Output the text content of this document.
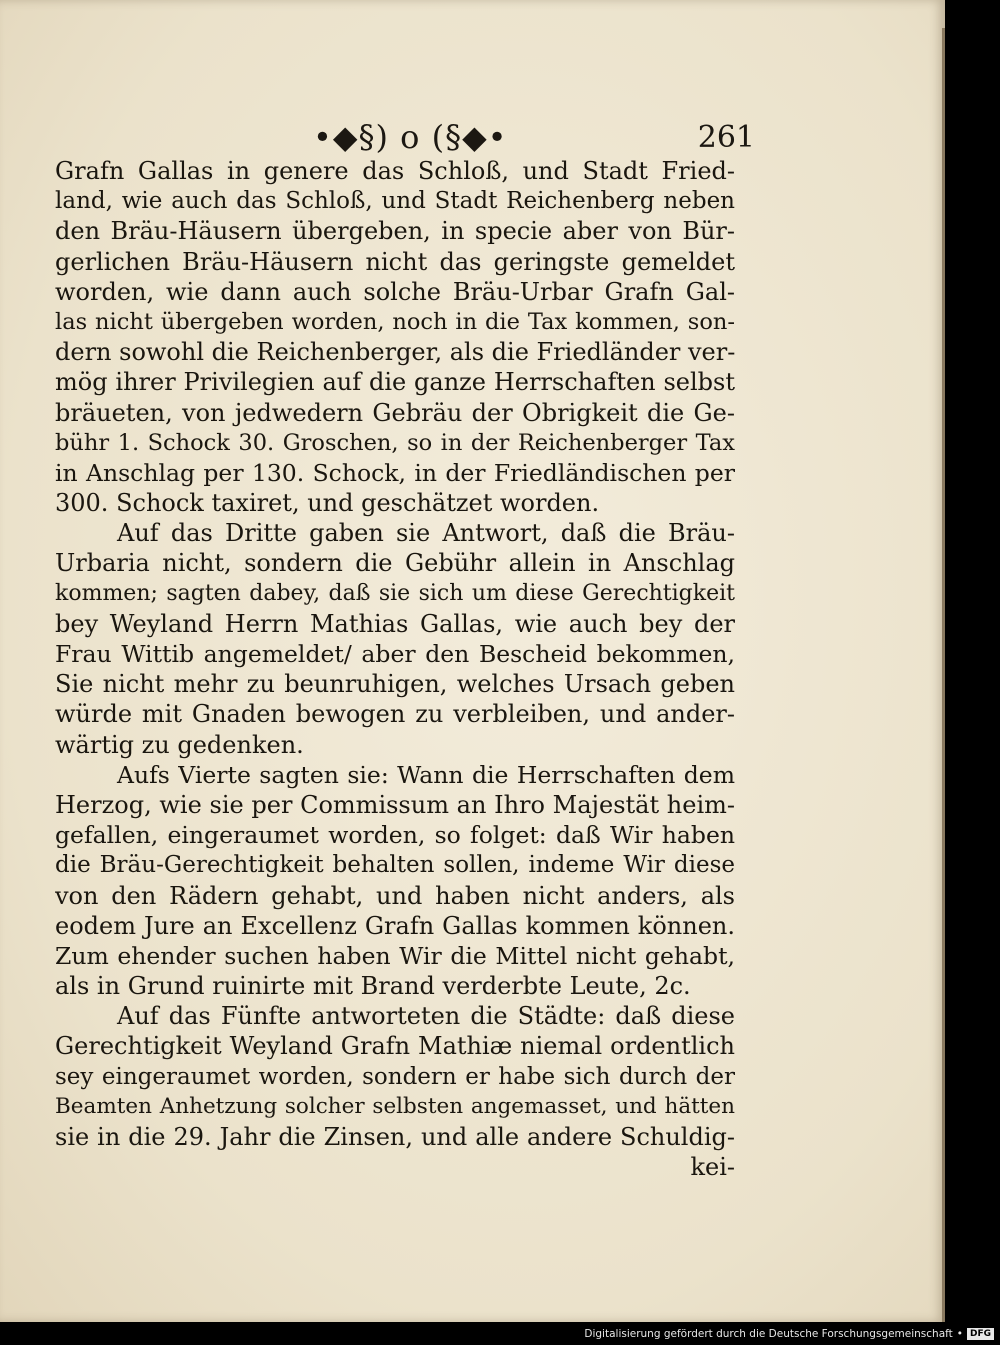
•◆§) o (§◆•	261
Grafn Gallas in genere das Schloß, und Stadt Fried-
land, wie auch das Schloß, und Stadt Reichenberg neben
den Bräu-Häusern übergeben, in specie aber von Bür-
gerlichen Bräu-Häusern nicht das geringste gemeldet
worden, wie dann auch solche Bräu-Urbar Grafn Gal-
las nicht übergeben worden, noch in die Tax kommen, son-
dern sowohl die Reichenberger, als die Friedländer ver-
mög ihrer Privilegien auf die ganze Herrschaften selbst
bräueten, von jedwedern Gebräu der Obrigkeit die Ge-
bühr 1. Schock 30. Groschen, so in der Reichenberger Tax
in Anschlag per 130. Schock, in der Friedländischen per
300. Schock taxiret, und geschätzet worden.
Auf das Dritte gaben sie Antwort, daß die Bräu-
Urbaria nicht, sondern die Gebühr allein in Anschlag
kommen; sagten dabey, daß sie sich um diese Gerechtigkeit
bey Weyland Herrn Mathias Gallas, wie auch bey der
Frau Wittib angemeldet/ aber den Bescheid bekommen,
Sie nicht mehr zu beunruhigen, welches Ursach geben
würde mit Gnaden bewogen zu verbleiben, und ander-
wärtig zu gedenken.
Aufs Vierte sagten sie: Wann die Herrschaften dem
Herzog, wie sie per Commissum an Ihro Majestät heim-
gefallen, eingeraumet worden, so folget: daß Wir haben
die Bräu-Gerechtigkeit behalten sollen, indeme Wir diese
von den Rädern gehabt, und haben nicht anders, als
eodem Jure an Excellenz Grafn Gallas kommen können.
Zum ehender suchen haben Wir die Mittel nicht gehabt,
als in Grund ruinirte mit Brand verderbte Leute, 2c.
Auf das Fünfte antworteten die Städte: daß diese
Gerechtigkeit Weyland Grafn Mathiæ niemal ordentlich
sey eingeraumet worden, sondern er habe sich durch der
Beamten Anhetzung solcher selbsten angemasset, und hätten
sie in die 29. Jahr die Zinsen, und alle andere Schuldig-
kei-
Digitalisierung gefördert durch die Deutsche Forschungsgemeinschaft • DFG
